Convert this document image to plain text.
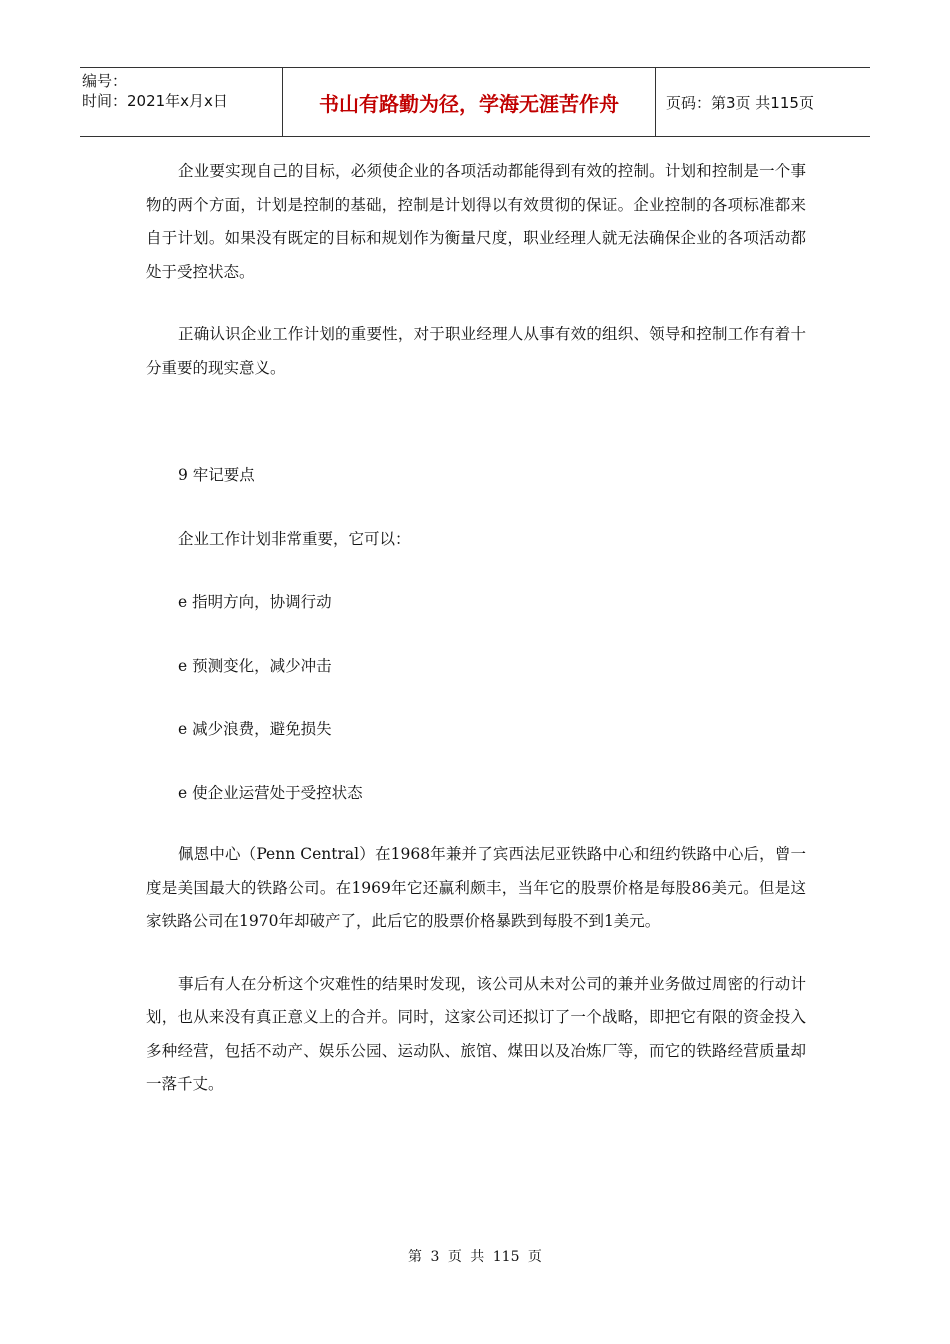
编号：
时间：2021年x月x日	书山有路勤为径，学海无涯苦作舟	页码：第3页 共115页

企业要实现自己的目标，必须使企业的各项活动都能得到有效的控制。计划和控制是一个事物的两个方面，计划是控制的基础，控制是计划得以有效贯彻的保证。企业控制的各项标准都来自于计划。如果没有既定的目标和规划作为衡量尺度，职业经理人就无法确保企业的各项活动都处于受控状态。

正确认识企业工作计划的重要性，对于职业经理人从事有效的组织、领导和控制工作有着十分重要的现实意义。

9 牢记要点
企业工作计划非常重要，它可以：
e 指明方向，协调行动
e 预测变化，减少冲击
e 减少浪费，避免损失
e 使企业运营处于受控状态

佩恩中心（Penn Central）在1968年兼并了宾西法尼亚铁路中心和纽约铁路中心后，曾一度是美国最大的铁路公司。在1969年它还赢利颇丰，当年它的股票价格是每股86美元。但是这家铁路公司在1970年却破产了，此后它的股票价格暴跌到每股不到1美元。

事后有人在分析这个灾难性的结果时发现，该公司从未对公司的兼并业务做过周密的行动计划，也从来没有真正意义上的合并。同时，这家公司还拟订了一个战略，即把它有限的资金投入多种经营，包括不动产、娱乐公园、运动队、旅馆、煤田以及冶炼厂等，而它的铁路经营质量却一落千丈。

第 3 页 共 115 页
